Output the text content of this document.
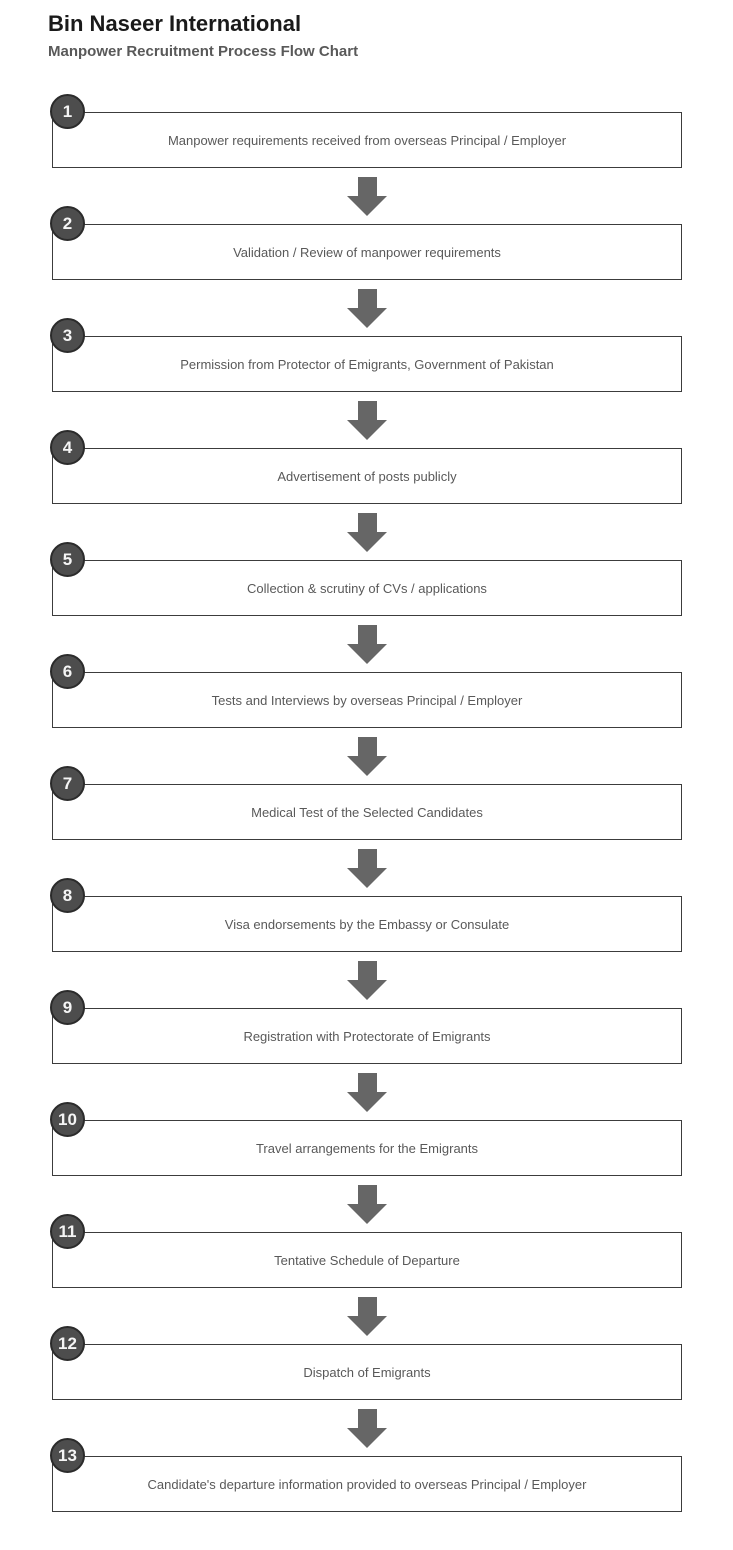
Bin Naseer International
Manpower Recruitment Process Flow Chart
1
Manpower requirements received from overseas Principal / Employer
2
Validation / Review of manpower requirements
3
Permission from Protector of Emigrants, Government of Pakistan
4
Advertisement of posts publicly
5
Collection & scrutiny of CVs / applications
6
Tests and Interviews by overseas Principal / Employer
7
Medical Test of the Selected Candidates
8
Visa endorsements by the Embassy or Consulate
9
Registration with Protectorate of Emigrants
10
Travel arrangements for the Emigrants
11
Tentative Schedule of Departure
12
Dispatch of Emigrants
13
Candidate's departure information provided to overseas Principal / Employer
